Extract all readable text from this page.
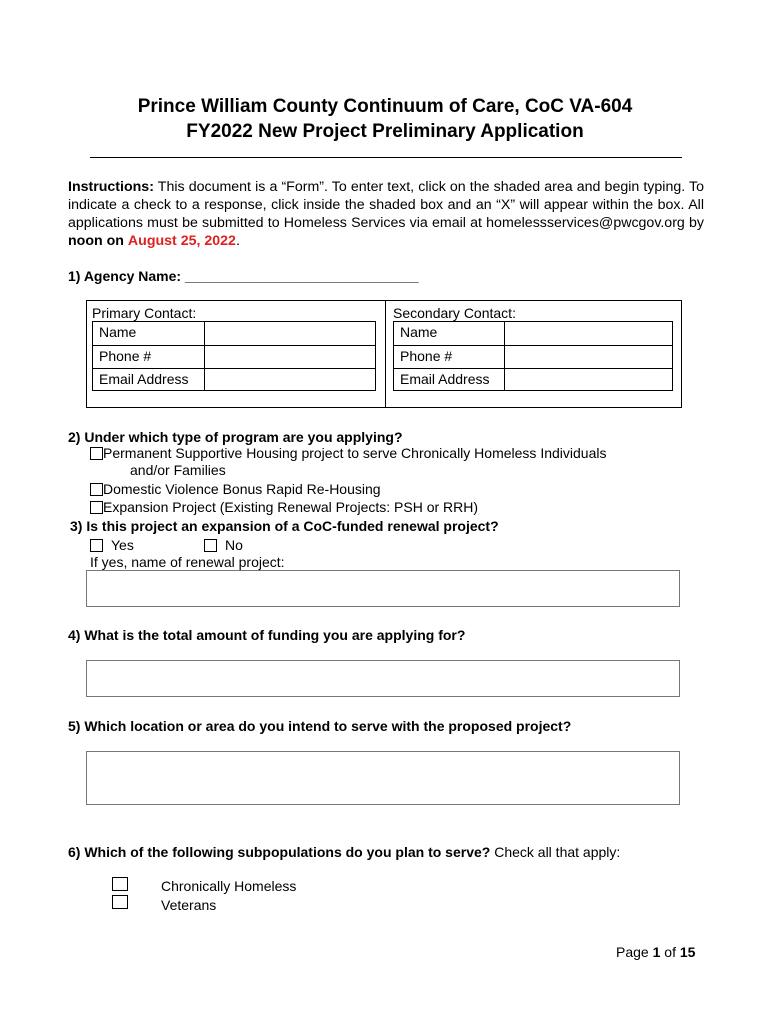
Prince William County Continuum of Care, CoC VA-604
FY2022 New Project Preliminary Application
Instructions: This document is a “Form”. To enter text, click on the shaded area and begin typing. To indicate a check to a response, click inside the shaded box and an “X” will appear within the box. All applications must be submitted to Homeless Services via email at homelessservices@pwcgov.org by noon on August 25, 2022.
1) Agency Name: ______________________________
Primary Contact:
Name
Phone #
Email Address
Secondary Contact:
Name
Phone #
Email Address
2) Under which type of program are you applying?
Permanent Supportive Housing project to serve Chronically Homeless Individuals
and/or Families
Domestic Violence Bonus Rapid Re-Housing
Expansion Project (Existing Renewal Projects: PSH or RRH)
3) Is this project an expansion of a CoC-funded renewal project?
Yes	No
If yes, name of renewal project:
4) What is the total amount of funding you are applying for?
5) Which location or area do you intend to serve with the proposed project?
6) Which of the following subpopulations do you plan to serve? Check all that apply:
Chronically Homeless
Veterans
Page 1 of 15
